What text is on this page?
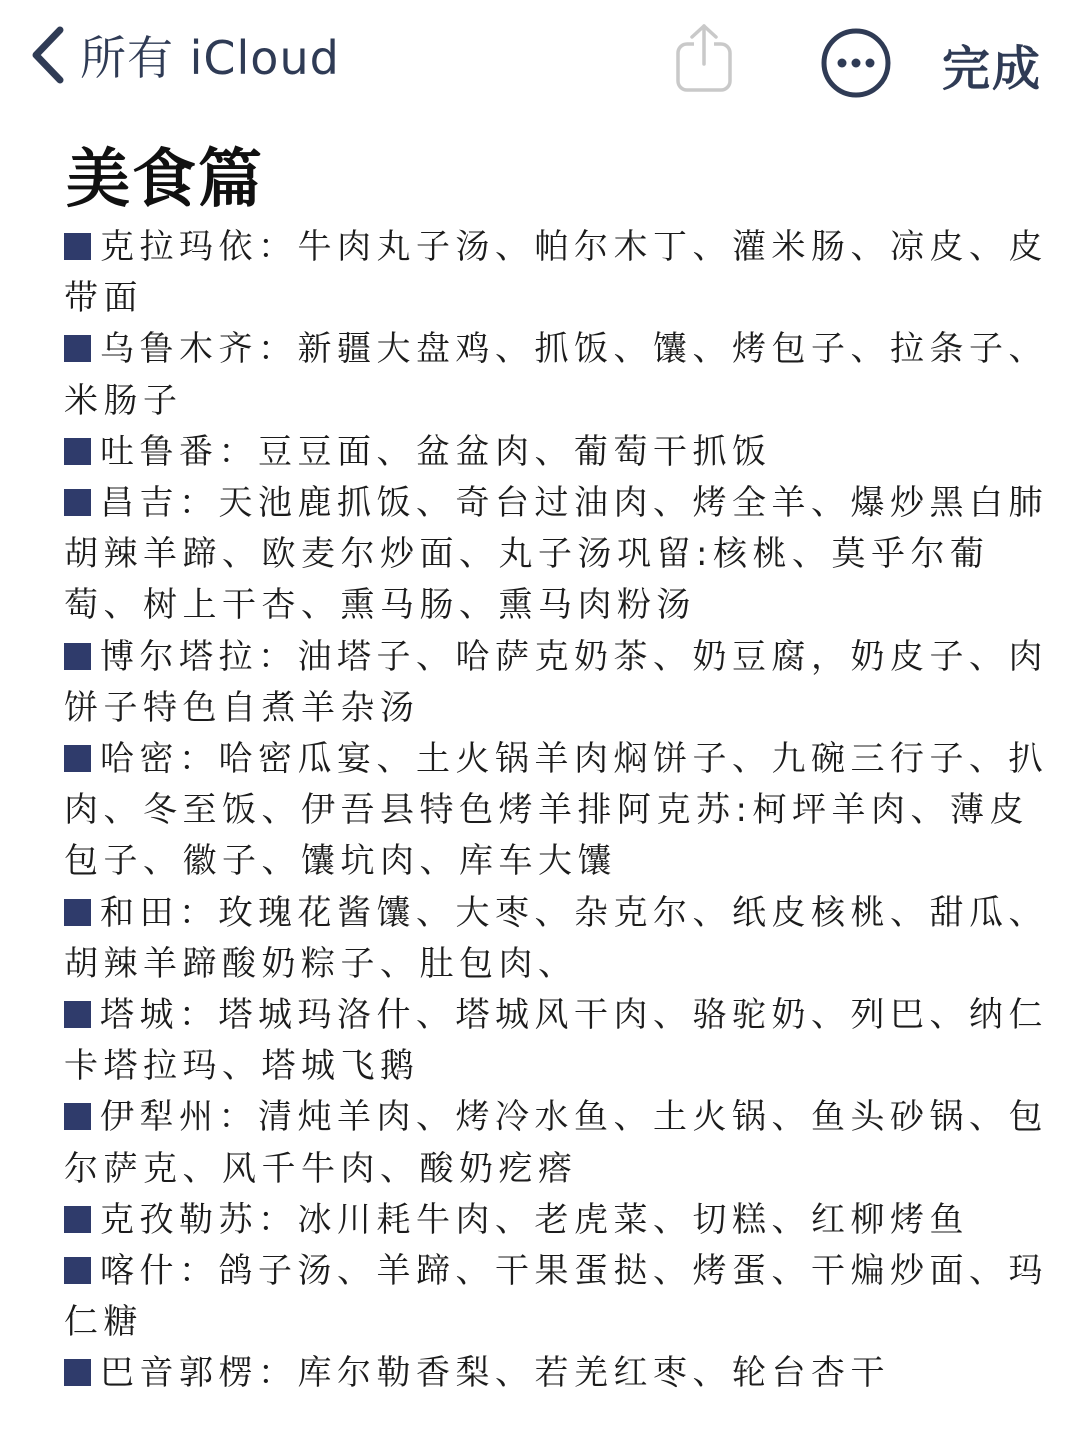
所有 iCloud	完成
美食篇

克拉玛依：牛肉丸子汤、帕尔木丁、灌米肠、凉皮、皮带面

乌鲁木齐：新疆大盘鸡、抓饭、馕、烤包子、拉条子、米肠子

吐鲁番：豆豆面、盆盆肉、葡萄干抓饭

昌吉：天池鹿抓饭、奇台过油肉、烤全羊、爆炒黑白肺胡辣羊蹄、欧麦尔炒面、丸子汤巩留:核桃、莫乎尔葡萄、树上干杏、熏马肠、熏马肉粉汤

博尔塔拉：油塔子、哈萨克奶茶、奶豆腐，奶皮子、肉饼子特色自煮羊杂汤

哈密：哈密瓜宴、土火锅羊肉焖饼子、九碗三行子、扒肉、冬至饭、伊吾县特色烤羊排阿克苏:柯坪羊肉、薄皮包子、徽子、馕坑肉、库车大馕

和田：玫瑰花酱馕、大枣、杂克尔、纸皮核桃、甜瓜、胡辣羊蹄酸奶粽子、肚包肉、

塔城：塔城玛洛什、塔城风干肉、骆驼奶、列巴、纳仁卡塔拉玛、塔城飞鹅

伊犁州：清炖羊肉、烤冷水鱼、土火锅、鱼头砂锅、包尔萨克、风千牛肉、酸奶疙瘩

克孜勒苏：冰川耗牛肉、老虎菜、切糕、红柳烤鱼

喀什：鸽子汤、羊蹄、干果蛋挞、烤蛋、干煸炒面、玛仁糖

巴音郭楞：库尔勒香梨、若羌红枣、轮台杏干
